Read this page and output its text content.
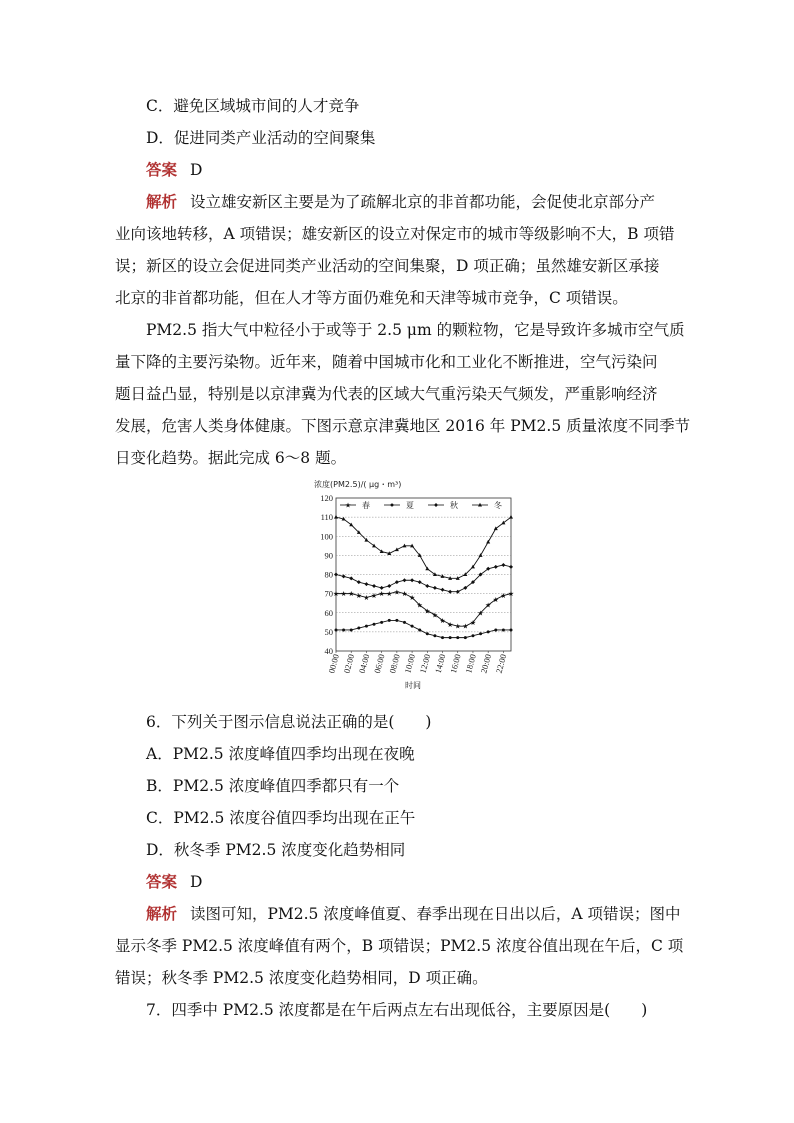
C．避免区域城市间的人才竞争
D．促进同类产业活动的空间聚集
答案 D
解析 设立雄安新区主要是为了疏解北京的非首都功能，会促使北京部分产
业向该地转移，A 项错误；雄安新区的设立对保定市的城市等级影响不大，B 项错
误；新区的设立会促进同类产业活动的空间集聚，D 项正确；虽然雄安新区承接
北京的非首都功能，但在人才等方面仍难免和天津等城市竞争，C 项错误。
PM2.5 指大气中粒径小于或等于 2.5 μm 的颗粒物，它是导致许多城市空气质
量下降的主要污染物。近年来，随着中国城市化和工业化不断推进，空气污染问
题日益凸显，特别是以京津冀为代表的区域大气重污染天气频发，严重影响经济
发展，危害人类身体健康。下图示意京津冀地区 2016 年 PM2.5 质量浓度不同季节
日变化趋势。据此完成 6～8 题。
浓度(PM2.5)/( μg・m³)
40
50
60
70
80
90
100
110
120
00:00 02:00 04:00 06:00 08:00 10:00 12:00 14:00 16:00 18:00 20:00 22:00
★ ★ ★ ★ ★ ★ ★ ★ ★ ★ ★
★
★ ★
★ ★ ★ ★ ★
★
★
★ ★ ★
★ 春	夏	秋	冬
时间
6．下列关于图示信息说法正确的是(　　)
A．PM2.5 浓度峰值四季均出现在夜晚
B．PM2.5 浓度峰值四季都只有一个
C．PM2.5 浓度谷值四季均出现在正午
D．秋冬季 PM2.5 浓度变化趋势相同
答案 D
解析 读图可知，PM2.5 浓度峰值夏、春季出现在日出以后，A 项错误；图中
显示冬季 PM2.5 浓度峰值有两个，B 项错误；PM2.5 浓度谷值出现在午后，C 项
错误；秋冬季 PM2.5 浓度变化趋势相同，D 项正确。
7．四季中 PM2.5 浓度都是在午后两点左右出现低谷，主要原因是(　　)
